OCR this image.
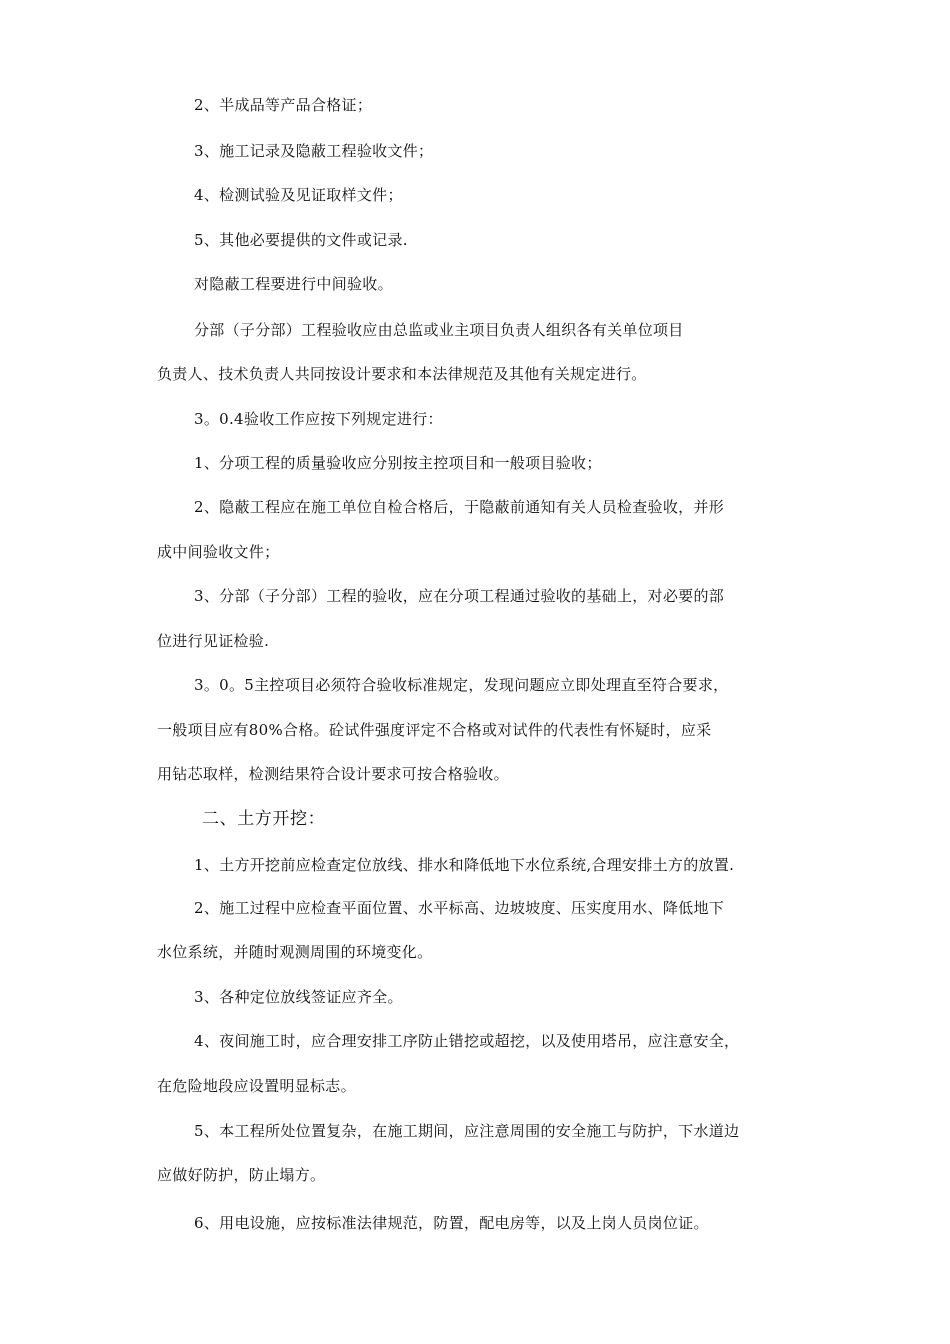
2、半成品等产品合格证；
3、施工记录及隐蔽工程验收文件；
4、检测试验及见证取样文件；
5、其他必要提供的文件或记录.
对隐蔽工程要进行中间验收。
分部（子分部）工程验收应由总监或业主项目负责人组织各有关单位项目
负责人、技术负责人共同按设计要求和本法律规范及其他有关规定进行。
3。0.4验收工作应按下列规定进行：
1、分项工程的质量验收应分别按主控项目和一般项目验收；
2、隐蔽工程应在施工单位自检合格后，于隐蔽前通知有关人员检查验收，并形
成中间验收文件；
3、分部（子分部）工程的验收，应在分项工程通过验收的基础上，对必要的部
位进行见证检验.
3。0。5主控项目必须符合验收标准规定，发现问题应立即处理直至符合要求，
一般项目应有80%合格。砼试件强度评定不合格或对试件的代表性有怀疑时，应采
用钻芯取样，检测结果符合设计要求可按合格验收。
二、土方开挖：
1、土方开挖前应检查定位放线、排水和降低地下水位系统,合理安排土方的放置.
2、施工过程中应检查平面位置、水平标高、边坡坡度、压实度用水、降低地下
水位系统，并随时观测周围的环境变化。
3、各种定位放线签证应齐全。
4、夜间施工时，应合理安排工序防止错挖或超挖，以及使用塔吊，应注意安全，
在危险地段应设置明显标志。
5、本工程所处位置复杂，在施工期间，应注意周围的安全施工与防护，下水道边
应做好防护，防止塌方。
6、用电设施，应按标准法律规范，防置，配电房等，以及上岗人员岗位证。
